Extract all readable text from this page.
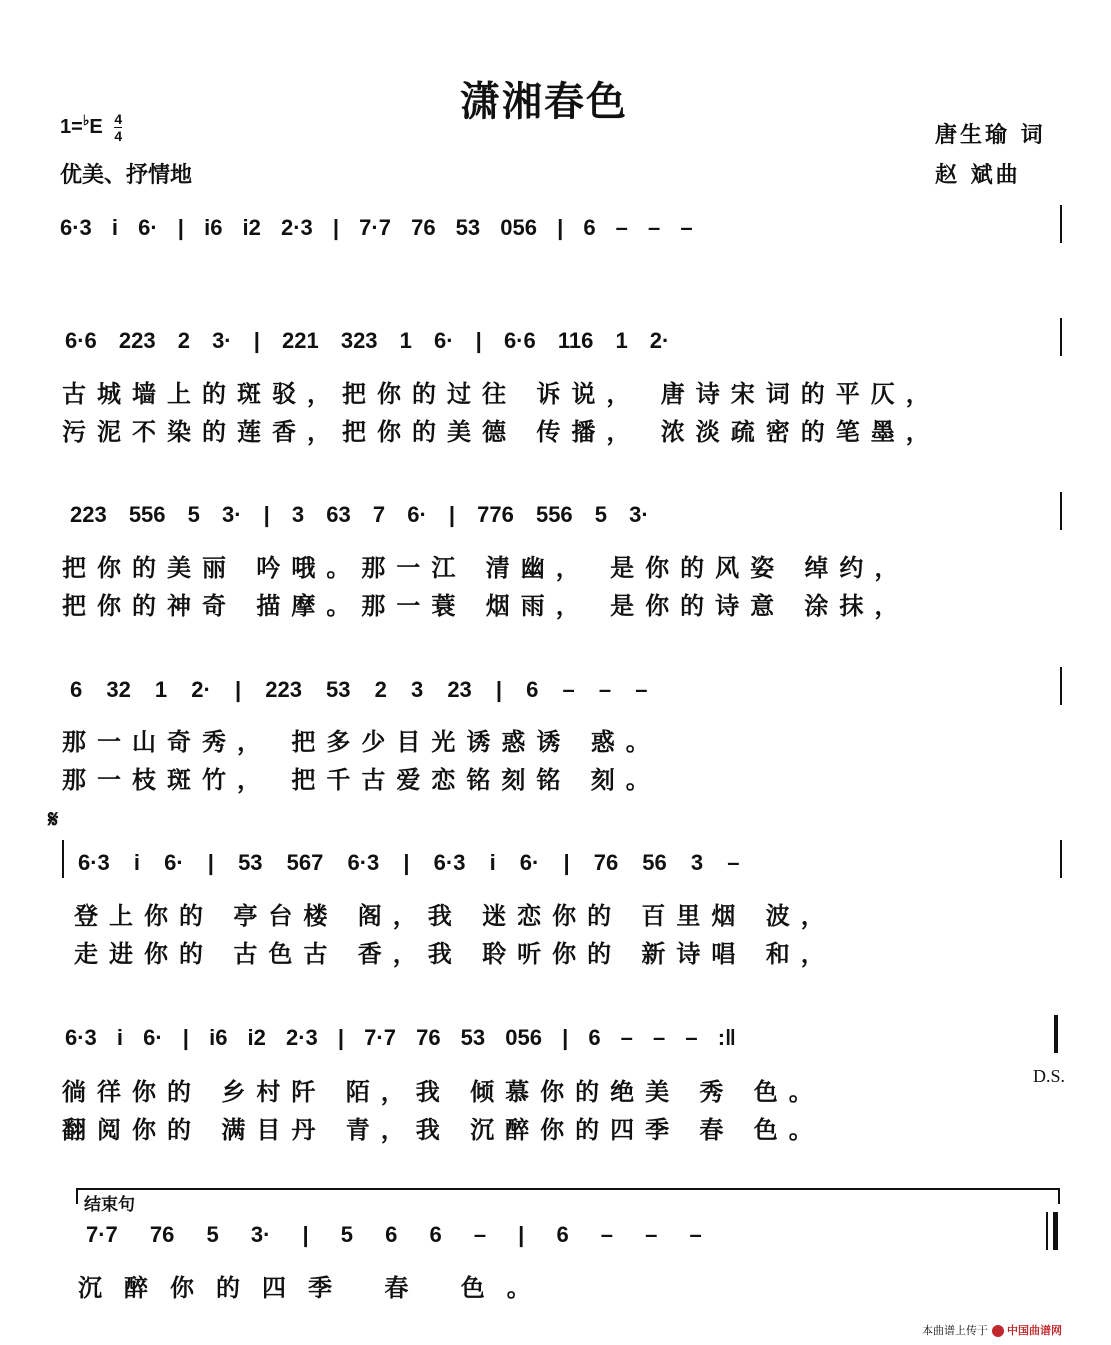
潇湘春色
$1=^♭E \frac{4}{4}$
优美、抒情地
唐生瑜 词
赵 斌曲
6·3 i 6· | i6 i2 2·3 | 7·7 76 53 056 | 6 – – –
6·6 223 2 3· | 221 323 1 6· | 6·6 116 1 2·
古城墙上的斑驳，把你的过往 诉说， 唐诗宋词的平仄，
污泥不染的莲香，把你的美德 传播， 浓淡疏密的笔墨，
223 556 5 3· | 3 63 7 6· | 776 556 5 3·
把你的美丽 吟哦。那一江 清幽， 是你的风姿 绰约，
把你的神奇 描摩。那一蓑 烟雨， 是你的诗意 涂抹，
6 32 1 2· | 223 53 2 3 23 | 6 – – –
那一山奇秀， 把多少目光诱惑诱 惑。
那一枝斑竹， 把千古爱恋铭刻铭 刻。
𝄋
6·3 i 6· | 53 567 6·3 | 6·3 i 6· | 76 56 3 –
登上你的 亭台楼 阁，我 迷恋你的 百里烟 波，
走进你的 古色古 香，我 聆听你的 新诗唱 和，
6·3 i 6· | i6 i2 2·3 | 7·7 76 53 056 | 6 – – – :‖
D.S.
徜徉你的 乡村阡 陌，我 倾慕你的绝美 秀 色。
翻阅你的 满目丹 青，我 沉醉你的四季 春 色。
结束句
7·7 76 5 3· | 5 6 6 – | 6 – – –
沉醉你的四季 春 色。
本曲谱上传于 中国曲谱网
